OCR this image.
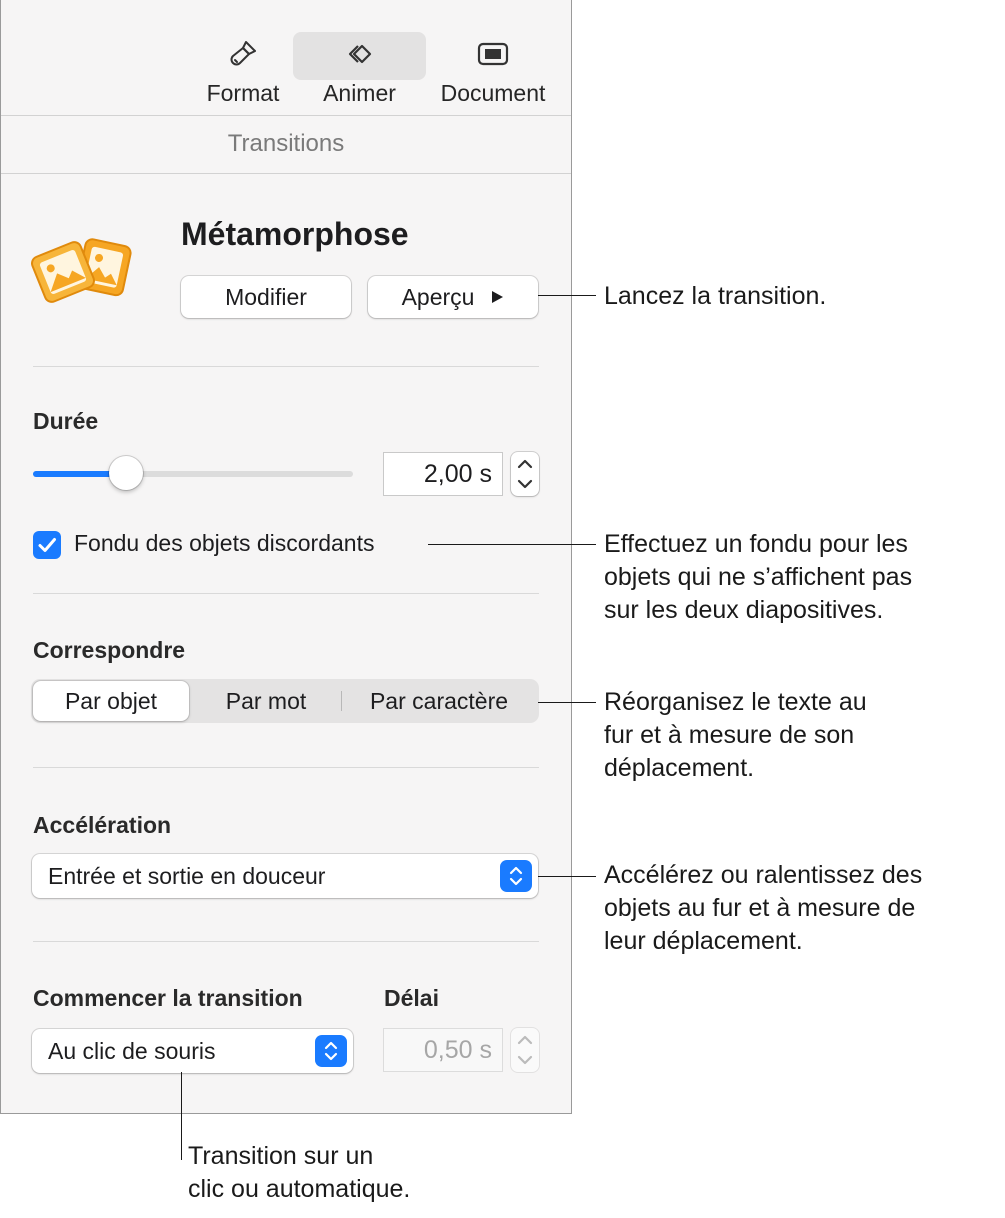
Format	Animer	Document
Transitions
Métamorphose
Modifier	Aperçu
Durée
2,00 s
Fondu des objets discordants
Correspondre
Par objet	Par mot	Par caractère
Accélération
Entrée et sortie en douceur
Commencer la transition	Délai
Au clic de souris	0,50 s
Lancez la transition.
Effectuez un fondu pour les
objets qui ne s’affichent pas
sur les deux diapositives.
Réorganisez le texte au
fur et à mesure de son
déplacement.
Accélérez ou ralentissez des
objets au fur et à mesure de
leur déplacement.
Transition sur un
clic ou automatique.
